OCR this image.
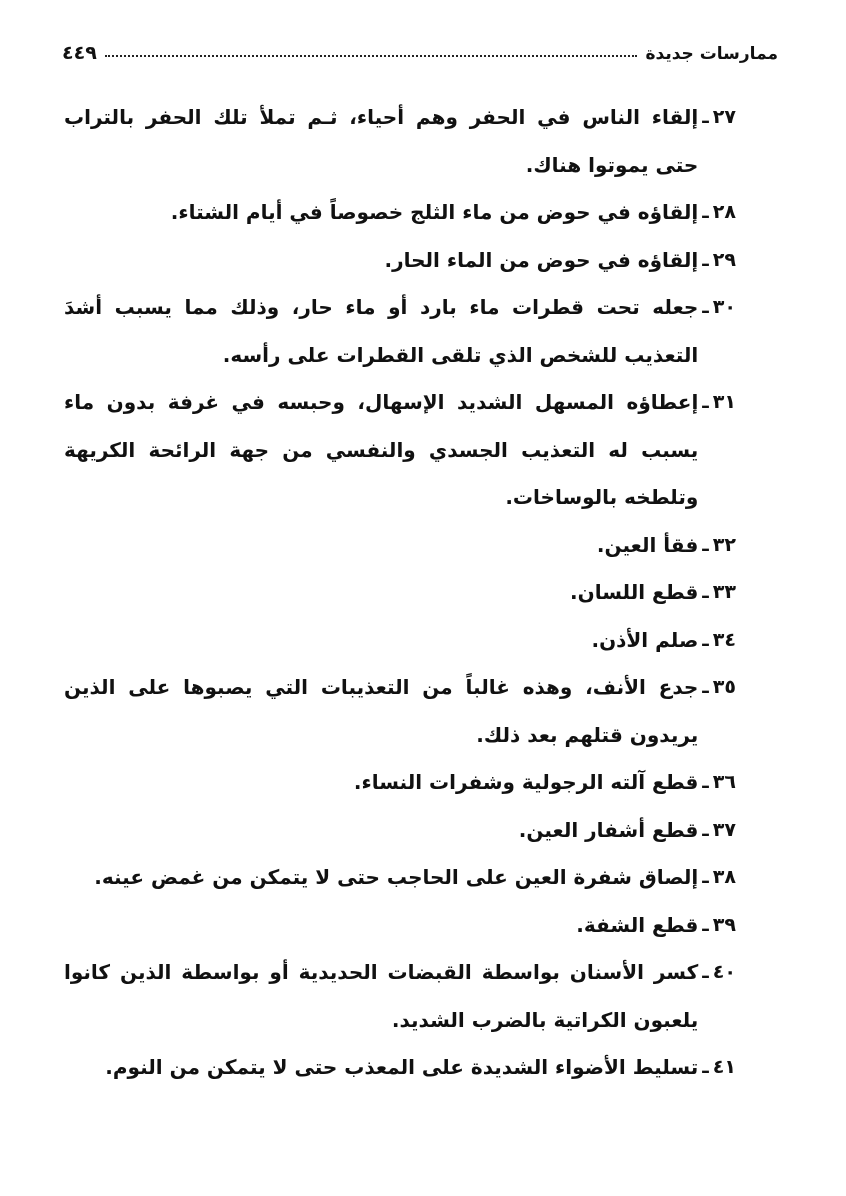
ممارسات جديدة
٤٤٩
٢٧ـ
إلقاء الناس في الحفر وهم أحياء، ثـم تملأ تلك الحفر بالتراب حتى يموتوا هناك.
٢٨ـ
إلقاؤه في حوض من ماء الثلج خصوصاً في أيام الشتاء.
٢٩ـ
إلقاؤه في حوض من الماء الحار.
٣٠ـ
جعله تحت قطرات ماء بارد أو ماء حار، وذلك مما يسبب أشدَ التعذيب للشخص الذي تلقى القطرات على رأسه.
٣١ـ
إعطاؤه المسهل الشديد الإسهال، وحبسه في غرفة بدون ماء يسبب له التعذيب الجسدي والنفسي من جهة الرائحة الكريهة وتلطخه بالوساخات.
٣٢ـ
فقأ العين.
٣٣ـ
قطع اللسان.
٣٤ـ
صلم الأذن.
٣٥ـ
جدع الأنف، وهذه غالباً من التعذيبات التي يصبوها على الذين يريدون قتلهم بعد ذلك.
٣٦ـ
قطع آلته الرجولية وشفرات النساء.
٣٧ـ
قطع أشفار العين.
٣٨ـ
إلصاق شفرة العين على الحاجب حتى لا يتمكن من غمض عينه.
٣٩ـ
قطع الشفة.
٤٠ـ
كسر الأسنان بواسطة القبضات الحديدية أو بواسطة الذين كانوا يلعبون الكراتية بالضرب الشديد.
٤١ـ
تسليط الأضواء الشديدة على المعذب حتى لا يتمكن من النوم.
